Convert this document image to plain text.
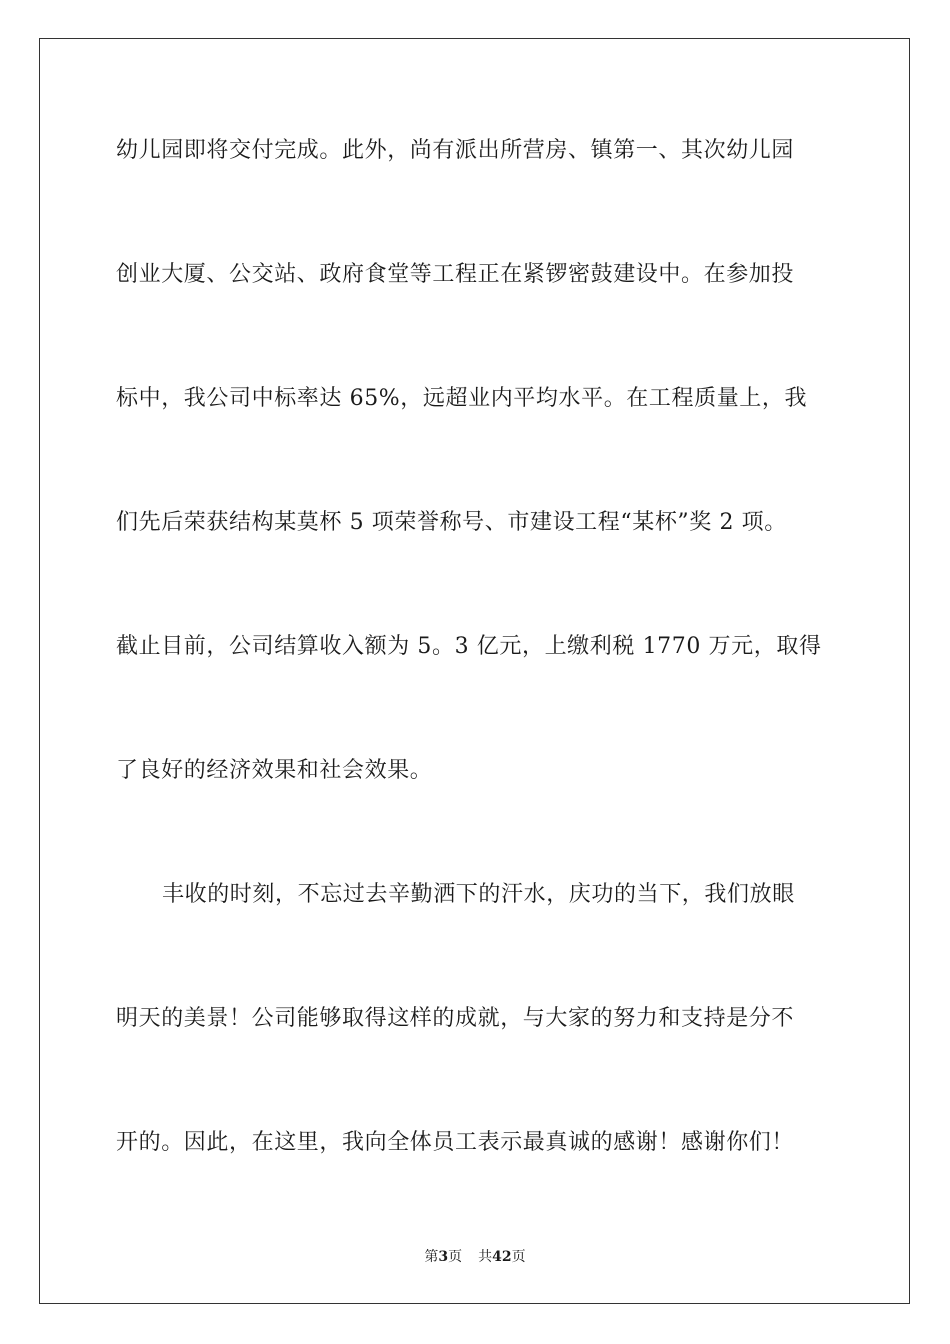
幼儿园即将交付完成。此外，尚有派出所营房、镇第一、其次幼儿园
创业大厦、公交站、政府食堂等工程正在紧锣密鼓建设中。在参加投
标中，我公司中标率达 65%，远超业内平均水平。在工程质量上，我
们先后荣获结构某莫杯 5 项荣誉称号、市建设工程“某杯”奖 2 项。
截止目前，公司结算收入额为 5。3 亿元，上缴利税 1770 万元，取得
了良好的经济效果和社会效果。
丰收的时刻，不忘过去辛勤洒下的汗水，庆功的当下，我们放眼
明天的美景！公司能够取得这样的成就，与大家的努力和支持是分不
开的。因此，在这里，我向全体员工表示最真诚的感谢！感谢你们！
第3页 共42页
